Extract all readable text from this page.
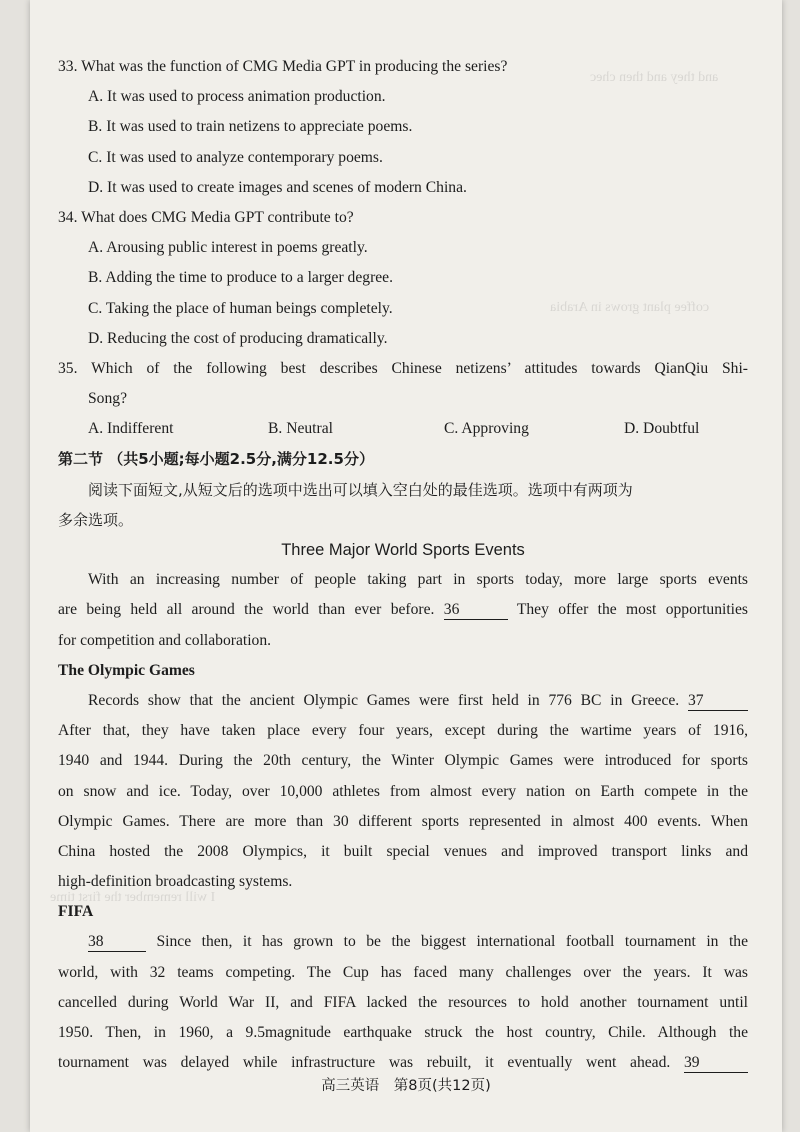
and they and then chec
coffee plant grows in Arabia
I will remember the first time
33. What was the function of CMG Media GPT in producing the series?
A. It was used to process animation production.
B. It was used to train netizens to appreciate poems.
C. It was used to analyze contemporary poems.
D. It was used to create images and scenes of modern China.
34. What does CMG Media GPT contribute to?
A. Arousing public interest in poems greatly.
B. Adding the time to produce to a larger degree.
C. Taking the place of human beings completely.
D. Reducing the cost of producing dramatically.
35. Which of the following best describes Chinese netizens’ attitudes towards QianQiu Shi-
Song?
A. Indifferent	B. Neutral	C. Approving	D. Doubtful
第二节 （共5小题;每小题2.5分,满分12.5分）
阅读下面短文,从短文后的选项中选出可以填入空白处的最佳选项。选项中有两项为
多余选项。
Three Major World Sports Events
With an increasing number of people taking part in sports today, more large sports events
are being held all around the world than ever before. 36	They offer the most opportunities
for competition and collaboration.
The Olympic Games
Records show that the ancient Olympic Games were first held in 776 BC in Greece. 37
After that, they have taken place every four years, except during the wartime years of 1916,
1940 and 1944. During the 20th century, the Winter Olympic Games were introduced for sports
on snow and ice. Today, over 10,000 athletes from almost every nation on Earth compete in the
Olympic Games. There are more than 30 different sports represented in almost 400 events. When
China hosted the 2008 Olympics, it built special venues and improved transport links and
high-definition broadcasting systems.
FIFA
38	Since then, it has grown to be the biggest international football tournament in the
world, with 32 teams competing. The Cup has faced many challenges over the years. It was
cancelled during World War II, and FIFA lacked the resources to hold another tournament until
1950. Then, in 1960, a 9.5magnitude earthquake struck the host country, Chile. Although the
tournament was delayed while infrastructure was rebuilt, it eventually went ahead. 39
高三英语　第8页(共12页)
